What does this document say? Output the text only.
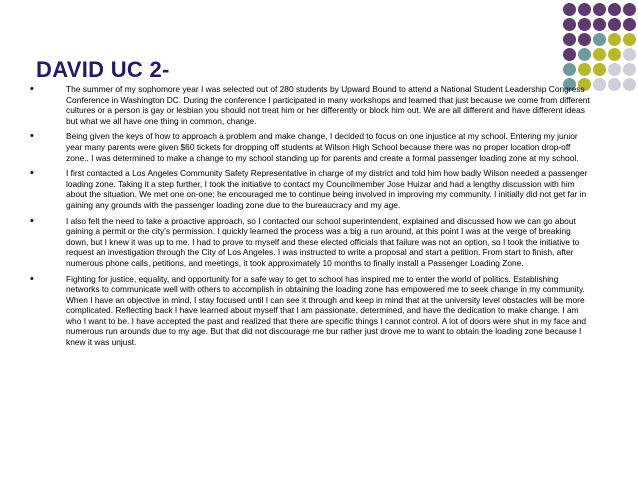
DAVID UC 2-
•	The summer of my sophomore year I was selected out of 280 students by Upward Bound to attend a National Student Leadership Congress Conference in Washington DC. During the conference I participated in many workshops and learned that just because we come from different cultures or a person is gay or lesbian you should not treat him or her differently or block him out. We are all different and have different ideas but what we all have one thing in common, change.
•	Being given the keys of how to approach a problem and make change, I decided to focus on one injustice at my school. Entering my junior year many parents were given $60 tickets for dropping off students at Wilson High School because there was no proper location drop-off zone.. I was determined to make a change to my school standing up for parents and create a formal passenger loading zone at my school.
•	I first contacted a Los Angeles Community Safety Representative in charge of my district and told him how badly Wilson needed a passenger loading zone. Taking it a step further, I took the initiative to contact my Councilmember Jose Huizar and had a lengthy discussion with him about the situation. We met one on-one; he encouraged me to continue being involved in improving my community. I initially did not get far in gaining any grounds with the passenger loading zone due to the bureaucracy and my age.
•	I also felt the need to take a proactive approach, so I contacted our school superintendent, explained and discussed how we can go about gaining a permit or the city's permission. I quickly learned the process was a big a run around, at this point I was at the verge of breaking down, but I knew it was up to me. I had to prove to myself and these elected officials that failure was not an option, so I took the initiative to request an investigation through the City of Los Angeles. I was instructed to write a proposal and start a petition. From start to finish, after numerous phone calls, petitions, and meetings, it took approximately 10 months to finally install a Passenger Loading Zone.
•	Fighting for justice, equality, and opportunity for a safe way to get to school has inspired me to enter the world of politics. Establishing networks to communicate well with others to accomplish in obtaining the loading zone has empowered me to seek change in my community. When I have an objective in mind, I stay focused until I can see it through and keep in mind that at the university level obstacles will be more complicated. Reflecting back I have learned about myself that I am passionate, determined, and have the dedication to make change. I am who I want to be. I have accepted the past and realized that there are specific things I cannot control. A lot of doors were shut in my face and numerous run arounds due to my age. But that did not discourage me bur rather just drove me to want to obtain the loading zone because I knew it was unjust.
